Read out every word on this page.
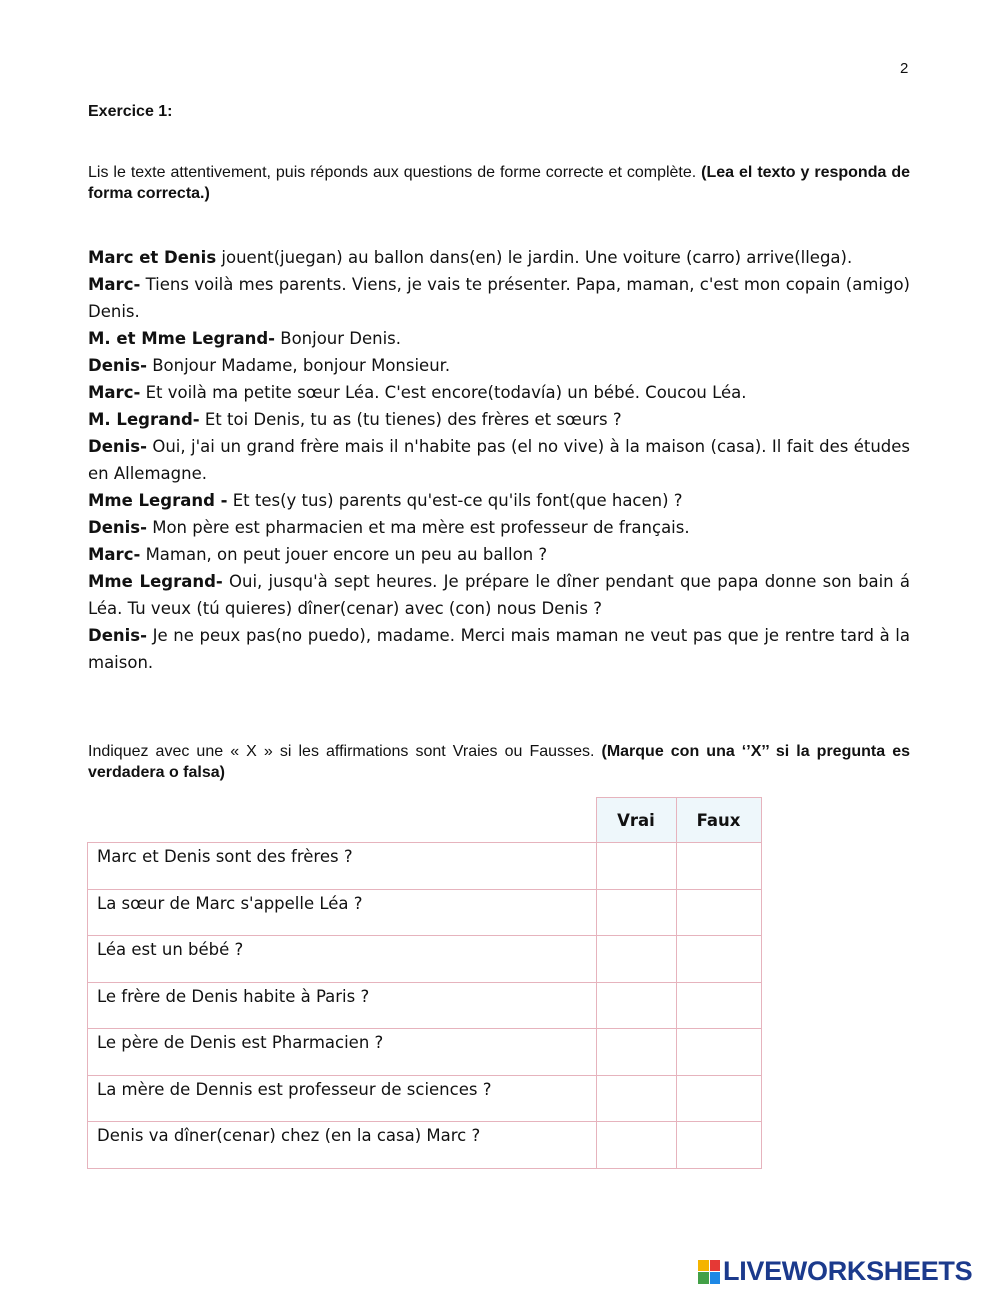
2
Exercice 1:
Lis le texte attentivement, puis réponds aux questions de forme correcte et complète. (Lea el texto y responda de forma correcta.)

Marc et Denis jouent(juegan) au ballon dans(en) le jardin. Une voiture (carro) arrive(llega).

Marc- Tiens voilà mes parents. Viens, je vais te présenter. Papa, maman, c'est mon copain (amigo) Denis.

M. et Mme Legrand- Bonjour Denis.

Denis- Bonjour Madame, bonjour Monsieur.

Marc- Et voilà ma petite sœur Léa. C'est encore(todavía) un bébé. Coucou Léa.

M. Legrand- Et toi Denis, tu as (tu tienes) des frères et sœurs ?

Denis- Oui, j'ai un grand frère mais il n'habite pas (el no vive) à la maison (casa). Il fait des études en Allemagne.

Mme Legrand - Et tes(y tus) parents qu'est-ce qu'ils font(que hacen) ?

Denis- Mon père est pharmacien et ma mère est professeur de français.

Marc- Maman, on peut jouer encore un peu au ballon ?

Mme Legrand- Oui, jusqu'à sept heures. Je prépare le dîner pendant que papa donne son bain á Léa. Tu veux (tú quieres) dîner(cenar) avec (con) nous Denis ?

Denis- Je ne peux pas(no puedo), madame. Merci mais maman ne veut pas que je rentre tard à la maison.

Indiquez avec une « X » si les affirmations sont Vraies ou Fausses. (Marque con una ‘’X’’ si la pregunta es verdadera o falsa)
	Vrai	Faux
Marc et Denis sont des frères ?		
La sœur de Marc s'appelle Léa ?		
Léa est un bébé ?		
Le frère de Denis habite à Paris ?		
Le père de Denis est Pharmacien ?		
La mère de Dennis est professeur de sciences ?		
Denis va dîner(cenar) chez (en la casa) Marc ?		
LIVEWORKSHEETS
